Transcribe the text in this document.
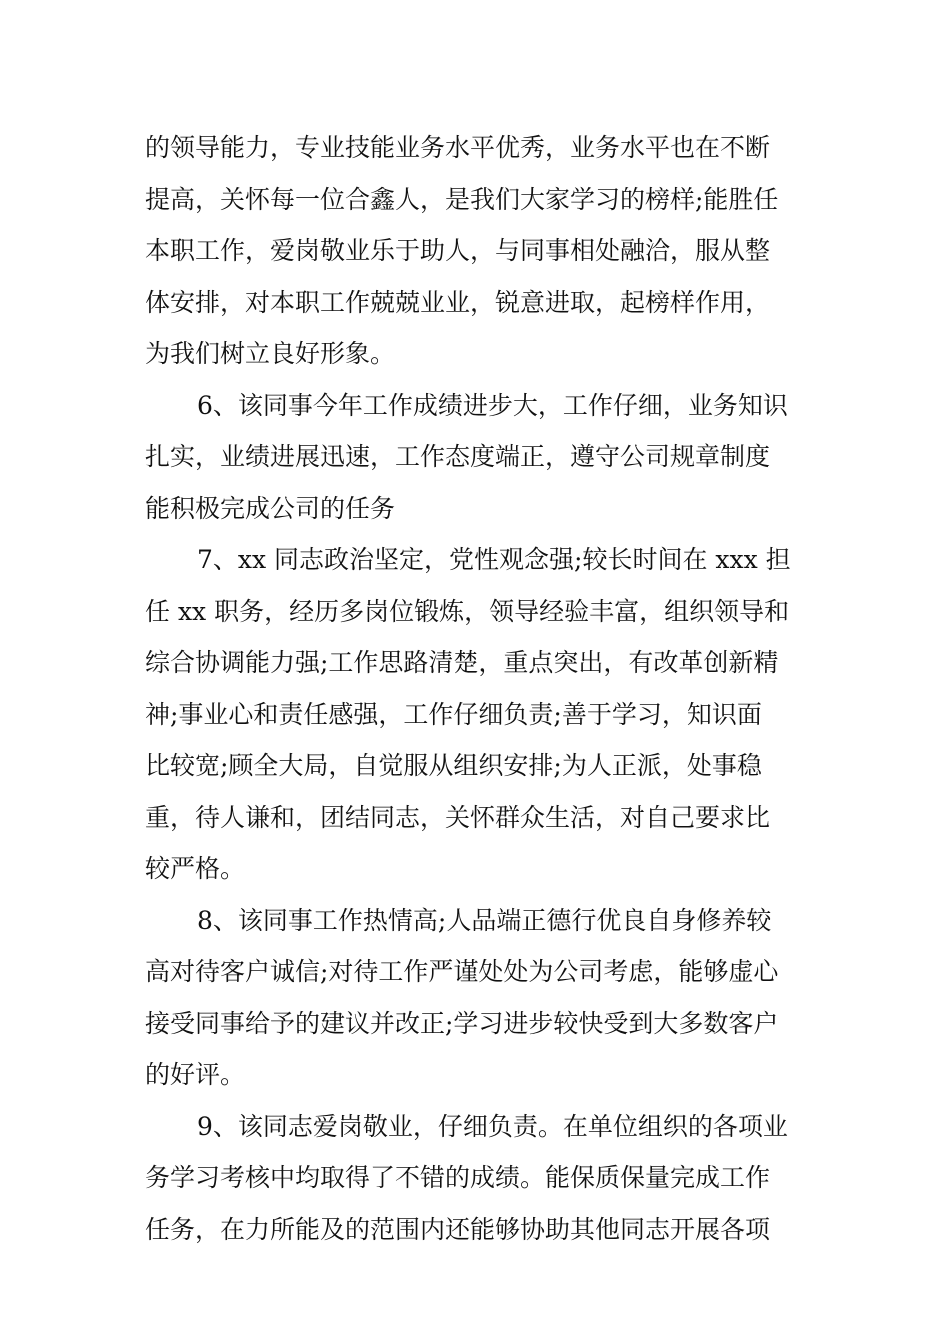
的领导能力，专业技能业务水平优秀，业务水平也在不断
提高，关怀每一位合鑫人，是我们大家学习的榜样;能胜任
本职工作，爱岗敬业乐于助人，与同事相处融洽，服从整
体安排，对本职工作兢兢业业，锐意进取，起榜样作用，
为我们树立良好形象。
6、该同事今年工作成绩进步大，工作仔细，业务知识
扎实，业绩进展迅速，工作态度端正，遵守公司规章制度
能积极完成公司的任务
7、xx 同志政治坚定，党性观念强;较长时间在 xxx 担
任 xx 职务，经历多岗位锻炼，领导经验丰富，组织领导和
综合协调能力强;工作思路清楚，重点突出，有改革创新精
神;事业心和责任感强，工作仔细负责;善于学习，知识面
比较宽;顾全大局，自觉服从组织安排;为人正派，处事稳
重，待人谦和，团结同志，关怀群众生活，对自己要求比
较严格。
8、该同事工作热情高;人品端正德行优良自身修养较
高对待客户诚信;对待工作严谨处处为公司考虑，能够虚心
接受同事给予的建议并改正;学习进步较快受到大多数客户
的好评。
9、该同志爱岗敬业，仔细负责。在单位组织的各项业
务学习考核中均取得了不错的成绩。能保质保量完成工作
任务，在力所能及的范围内还能够协助其他同志开展各项
